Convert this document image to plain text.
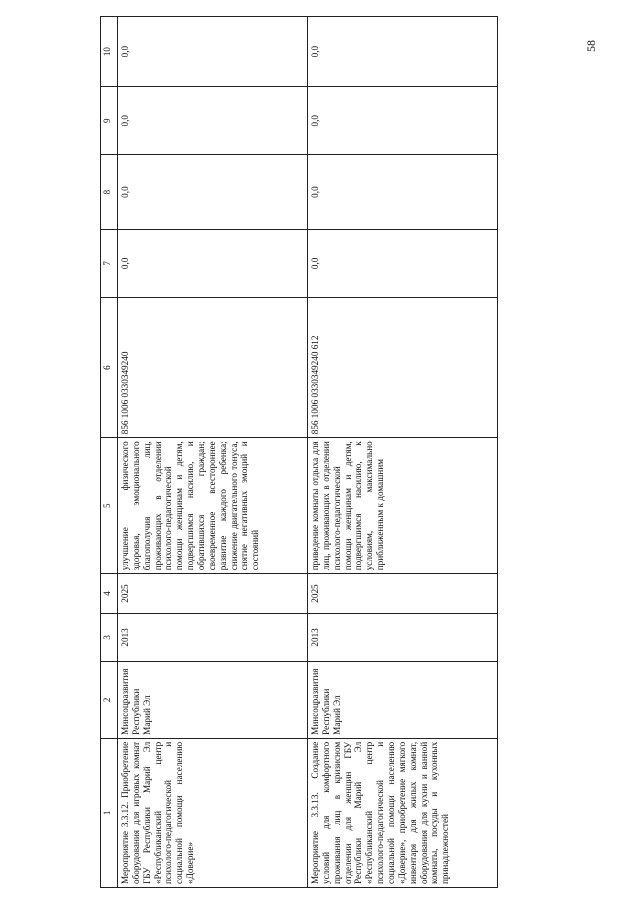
58
1	2	3	4	5	6	7	8	9	10
Мероприятие 3.3.12. Приобретение оборудования для игровых комнат ГБУ Республики Марий Эл «Республиканский центр психолого-педагогической и социальной помощи населению «Доверие»	Минсоцразвития Республики Марий Эл	2013	2025	улучшение физического здоровья, эмоционального благополучия лиц, проживающих в отделении психолого-педагогической помощи женщинам и детям, подвергшимся насилию, и обратившихся граждан; своевременное всестороннее развитие каждого ребенка; снижение двигательного тонуса, снятие негативных эмоций и состояний	856 1006 0330349240	0,0	0,0	0,0	0,0
Мероприятие 3.3.13. Создание условий для комфортного проживания лиц в кризисном отделении для женщин ГБУ Республики Марий Эл «Республиканский центр психолого-педагогической и социальной помощи населению «Доверие», приобретение мягкого инвентаря для жилых комнат, оборудования для кухни и ванной комнаты, посуды и кухонных принадлежностей	Минсоцразвития Республики Марий Эл	2013	2025	приведение комнаты отдыха для лиц, проживающих в отделении психолого-педагогической помощи женщинам и детям, подвергшимся насилию, к условиям, максимально приближенным к домашним	856 1006 0330349240 612	0,0	0,0	0,0	0,0
